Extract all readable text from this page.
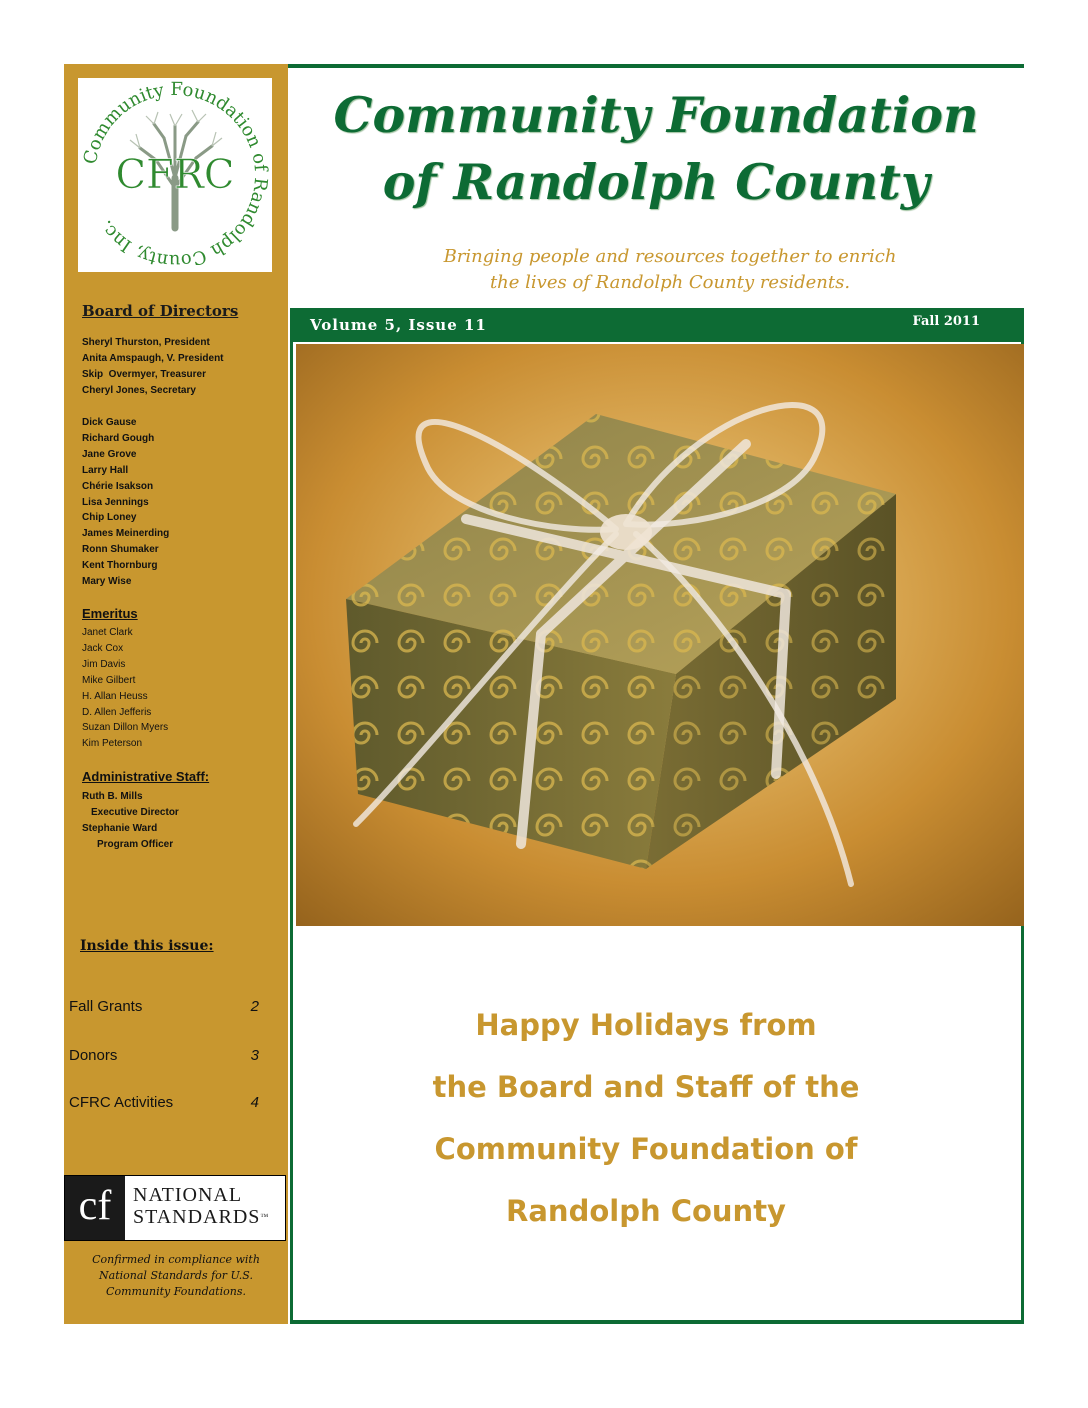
CFRC
Community Foundation of Randolph County, Inc.
Board of Directors
Sheryl Thurston, President
Anita Amspaugh, V. President
Skip  Overmyer, Treasurer
Cheryl Jones, Secretary
Dick Gause
Richard Gough
Jane Grove
Larry Hall
Chérie Isakson
Lisa Jennings
Chip Loney
James Meinerding
Ronn Shumaker
Kent Thornburg
Mary Wise
Emeritus
Janet Clark
Jack Cox
Jim Davis
Mike Gilbert
H. Allan Heuss
D. Allen Jefferis
Suzan Dillon Myers
Kim Peterson
Administrative Staff:
Ruth B. Mills
Executive Director
Stephanie Ward
Program Officer
Inside this issue:
Fall Grants	2
Donors	3
CFRC Activities	4
cf	NATIONAL
STANDARDS™

Confirmed in compliance with National Standards for U.S. Community Foundations.

Community Foundation
of Randolph County

Bringing people and resources together to enrich
the lives of Randolph County residents.

Volume 5, Issue 11	Fall 2011
Happy Holidays from
the Board and Staff of the
Community Foundation of
Randolph County
